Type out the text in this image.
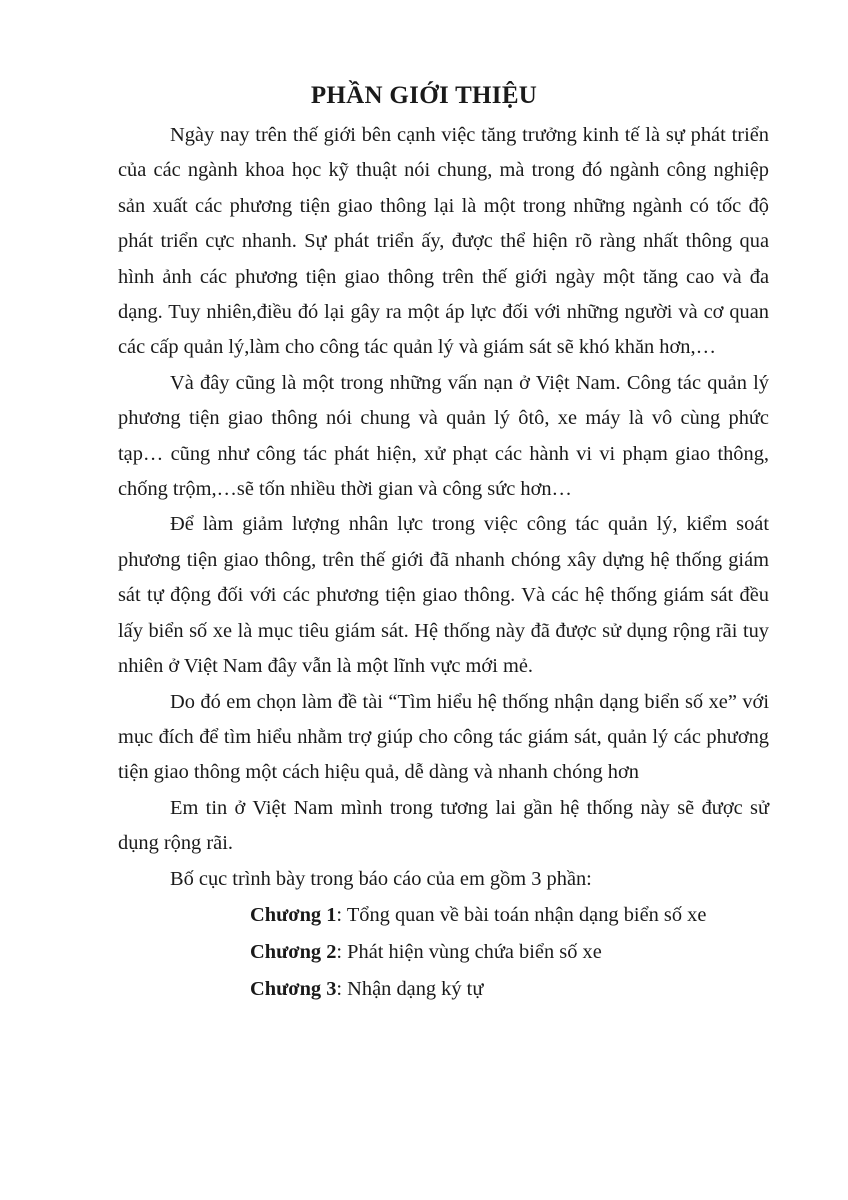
PHẦN GIỚI THIỆU

Ngày nay trên thế giới bên cạnh việc tăng trưởng kinh tế là sự phát triển của các ngành khoa học kỹ thuật nói chung, mà trong đó ngành công nghiệp sản xuất các phương tiện giao thông lại là một trong những ngành có tốc độ phát triển cực nhanh. Sự phát triển ấy, được thể hiện rõ ràng nhất thông qua hình ảnh các phương tiện giao thông trên thế giới ngày một tăng cao và đa dạng. Tuy nhiên,điều đó lại gây ra một áp lực đối với những người và cơ quan các cấp quản lý,làm cho công tác quản lý và giám sát sẽ khó khăn hơn,…

Và đây cũng là một trong những vấn nạn ở Việt Nam. Công tác quản lý phương tiện giao thông nói chung và quản lý ôtô, xe máy là vô cùng phức tạp… cũng như công tác phát hiện, xử phạt các hành vi vi phạm giao thông, chống trộm,…sẽ tốn nhiều thời gian và công sức hơn…

Để làm giảm lượng nhân lực trong việc công tác quản lý, kiểm soát phương tiện giao thông, trên thế giới đã nhanh chóng xây dựng hệ thống giám sát tự động đối với các phương tiện giao thông. Và các hệ thống giám sát đều lấy biển số xe là mục tiêu giám sát. Hệ thống này đã được sử dụng rộng rãi tuy nhiên ở Việt Nam đây vẫn là một lĩnh vực mới mẻ.

Do đó em chọn làm đề tài “Tìm hiểu hệ thống nhận dạng biển số xe” với mục đích để tìm hiểu nhằm trợ giúp cho công tác giám sát, quản lý các phương tiện giao thông một cách hiệu quả, dễ dàng và nhanh chóng hơn

Em tin ở Việt Nam mình trong tương lai gần hệ thống này sẽ được sử dụng rộng rãi.

Bố cục trình bày trong báo cáo của em gồm 3 phần:

Chương 1: Tổng quan về bài toán nhận dạng biển số xe
Chương 2: Phát hiện vùng chứa biển số xe
Chương 3: Nhận dạng ký tự
